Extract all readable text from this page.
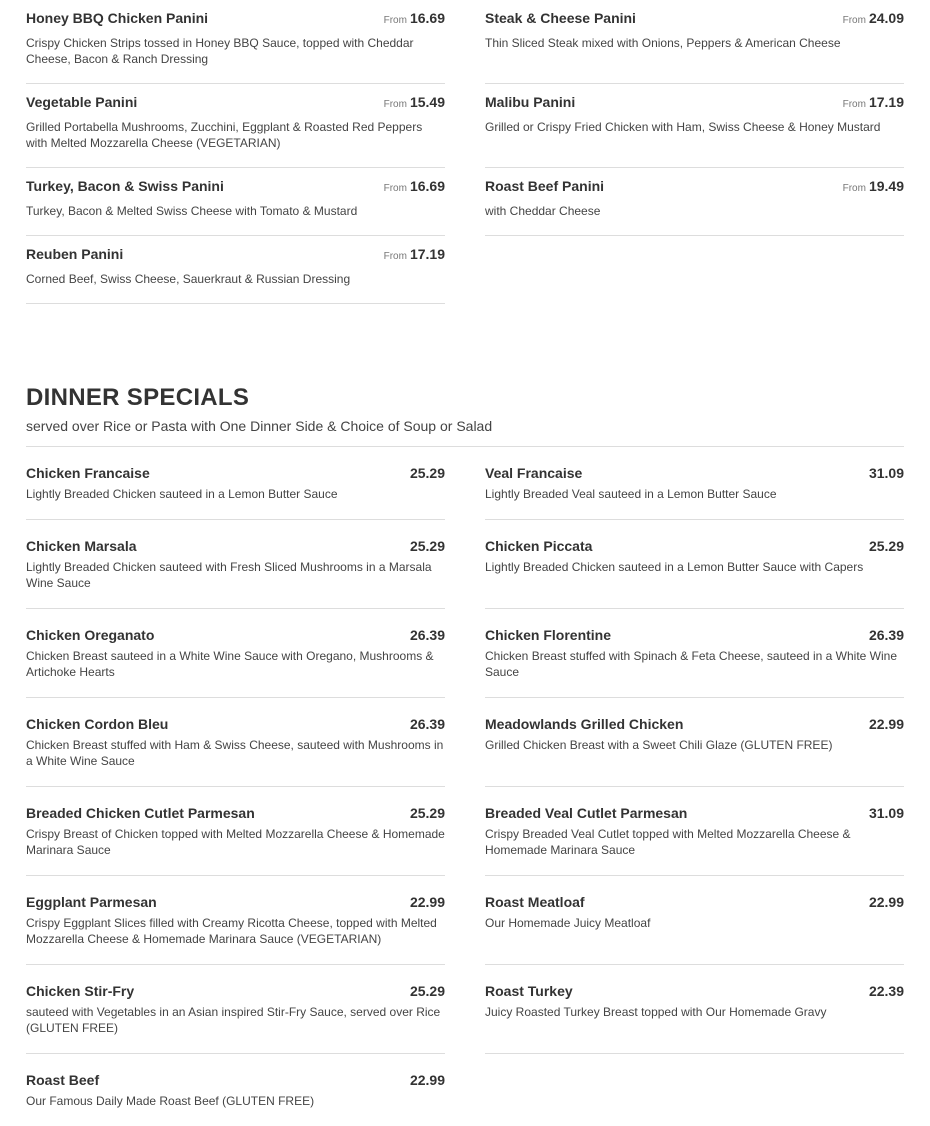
Honey BBQ Chicken Panini	From 16.69
Crispy Chicken Strips tossed in Honey BBQ Sauce, topped with Cheddar Cheese, Bacon & Ranch Dressing
Vegetable Panini	From 15.49
Grilled Portabella Mushrooms, Zucchini, Eggplant & Roasted Red Peppers with Melted Mozzarella Cheese (VEGETARIAN)
Turkey, Bacon & Swiss Panini	From 16.69
Turkey, Bacon & Melted Swiss Cheese with Tomato & Mustard
Reuben Panini	From 17.19
Corned Beef, Swiss Cheese, Sauerkraut & Russian Dressing
Steak & Cheese Panini	From 24.09
Thin Sliced Steak mixed with Onions, Peppers & American Cheese
Malibu Panini	From 17.19
Grilled or Crispy Fried Chicken with Ham, Swiss Cheese & Honey Mustard
Roast Beef Panini	From 19.49
with Cheddar Cheese
DINNER SPECIALS
served over Rice or Pasta with One Dinner Side & Choice of Soup or Salad
Chicken Francaise	25.29
Lightly Breaded Chicken sauteed in a Lemon Butter Sauce
Chicken Marsala	25.29
Lightly Breaded Chicken sauteed with Fresh Sliced Mushrooms in a Marsala Wine Sauce
Chicken Oreganato	26.39
Chicken Breast sauteed in a White Wine Sauce with Oregano, Mushrooms & Artichoke Hearts
Chicken Cordon Bleu	26.39
Chicken Breast stuffed with Ham & Swiss Cheese, sauteed with Mushrooms in a White Wine Sauce
Breaded Chicken Cutlet Parmesan	25.29
Crispy Breast of Chicken topped with Melted Mozzarella Cheese & Homemade Marinara Sauce
Eggplant Parmesan	22.99
Crispy Eggplant Slices filled with Creamy Ricotta Cheese, topped with Melted Mozzarella Cheese & Homemade Marinara Sauce (VEGETARIAN)
Chicken Stir-Fry	25.29
sauteed with Vegetables in an Asian inspired Stir-Fry Sauce, served over Rice (GLUTEN FREE)
Roast Beef	22.99
Our Famous Daily Made Roast Beef (GLUTEN FREE)
Veal Francaise	31.09
Lightly Breaded Veal sauteed in a Lemon Butter Sauce
Chicken Piccata	25.29
Lightly Breaded Chicken sauteed in a Lemon Butter Sauce with Capers
Chicken Florentine	26.39
Chicken Breast stuffed with Spinach & Feta Cheese, sauteed in a White Wine Sauce
Meadowlands Grilled Chicken	22.99
Grilled Chicken Breast with a Sweet Chili Glaze (GLUTEN FREE)
Breaded Veal Cutlet Parmesan	31.09
Crispy Breaded Veal Cutlet topped with Melted Mozzarella Cheese & Homemade Marinara Sauce
Roast Meatloaf	22.99
Our Homemade Juicy Meatloaf
Roast Turkey	22.39
Juicy Roasted Turkey Breast topped with Our Homemade Gravy
